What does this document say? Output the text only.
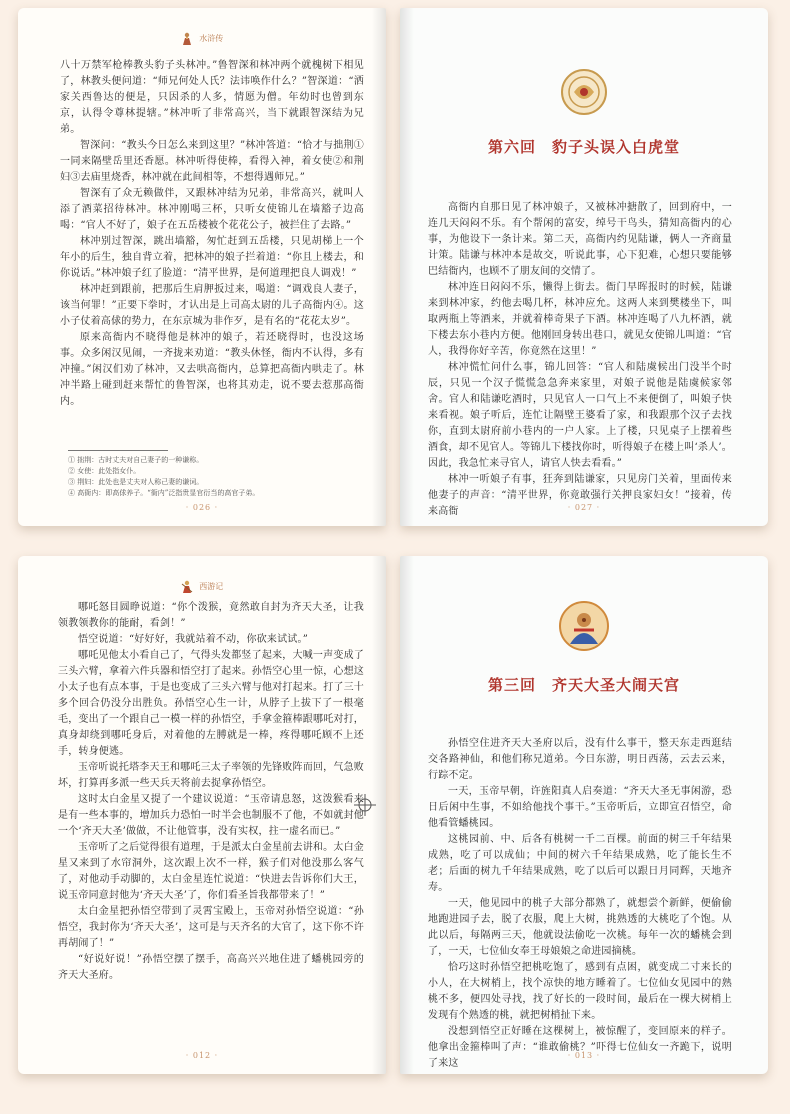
水浒传

八十万禁军枪棒教头豹子头林冲。”鲁智深和林冲两个就槐树下相见了，林教头便问道：“师兄何处人氏？法讳唤作什么？”智深道：“洒家关西鲁达的便是，只因杀的人多，情愿为僧。年幼时也曾到东京，认得令尊林提辖。”林冲听了非常高兴，当下就跟智深结为兄弟。

智深问：“教头今日怎么来到这里？”林冲答道：“恰才与拙荆①一同来隔壁岳里还香愿。林冲听得使棒，看得入神，着女使②和荆妇③去庙里烧香，林冲就在此间相等，不想得遇师兄。”

智深有了众无赖做伴，又跟林冲结为兄弟，非常高兴，就叫人添了酒菜招待林冲。林冲刚喝三杯，只听女使锦儿在墙豁子边高喝：“官人不好了，娘子在五岳楼被个花花公子，被拦住了去路。”

林冲别过智深，跳出墙豁，匆忙赶到五岳楼，只见胡梯上一个年小的后生，独自背立着，把林冲的娘子拦着道：“你且上楼去，和你说话。”林冲娘子红了脸道：“清平世界，是何道理把良人调戏！”

林冲赶到跟前，把那后生肩胛扳过来，喝道：“调戏良人妻子，该当何罪！”正要下拳时，才认出是上司高太尉的儿子高衙内④。这小子仗着高俅的势力，在东京城为非作歹，是有名的“花花太岁”。

原来高衙内不晓得他是林冲的娘子，若还晓得时，也没这场事。众多闲汉见闹，一齐拢来劝道：“教头休怪，衙内不认得，多有冲撞。”闲汉们劝了林冲，又去哄高衙内，总算把高衙内哄走了。林冲半路上碰到赶来帮忙的鲁智深，也将其劝走，说不要去惹那高衙内。

① 拙荆：古时丈夫对自己妻子的一种谦称。
② 女使：此处指女仆。
③ 荆妇：此处也是丈夫对人称己妻的谦词。
④ 高衙内：即高俅养子。“衙内”泛指贵显官衍当的高官子弟。
· 026 ·
第六回　豹子头误入白虎堂

高衙内自那日见了林冲娘子，又被林冲搪散了，回到府中，一连几天闷闷不乐。有个帮闲的富安，绰号干鸟头，猜知高衙内的心事，为他设下一条计来。第二天，高衙内约见陆谦，俩人一齐商量计策。陆谦与林冲本是故交，听说此事，心下犯难，心想只要能够巴结衙内，也顾不了朋友间的交情了。

林冲连日闷闷不乐，懒得上街去。衙门早晖报时的时候，陆谦来到林冲家，约他去喝几杯，林冲应允。这两人来到樊楼坐下，叫取两瓶上等酒来，并就着棒奇果子下酒。林冲连喝了八九杯酒，就下楼去东小巷内方便。他刚回身转出巷口，就见女使锦儿叫道：“官人，我得你好辛苦，你竟然在这里！”

林冲慌忙问什么事，锦儿回答：“官人和陆虞候出门没半个时辰，只见一个汉子慌慌急急奔来家里，对娘子说他是陆虞候家邻舍。官人和陆谦吃酒时，只见官人一口气上不来便倒了，叫娘子快来看视。娘子听后，连忙让隔壁王婆看了家，和我跟那个汉子去找你，直到太尉府前小巷内的一户人家。上了楼，只见桌子上摆着些酒食，却不见官人。等锦儿下楼找你时，听得娘子在楼上叫‘杀人’。因此，我急忙来寻官人，请官人快去看看。”

林冲一听娘子有事，狂奔到陆谦家，只见房门关着，里面传来他妻子的声音：“清平世界，你竟敢强行关押良家妇女！”接着，传来高衙	· 027 ·
西游记

哪吒怒目圆睁说道：“你个泼猴，竟然敢自封为齐天大圣，让我领教领教你的能耐，看剑！”

悟空说道：“好好好，我就站着不动，你砍来试试。”

哪吒见他太小看自己了，气得头发都竖了起来，大喊一声变成了三头六臂，拿着六件兵器和悟空打了起来。孙悟空心里一惊，心想这小太子也有点本事，于是也变成了三头六臂与他对打起来。打了三十多个回合仍没分出胜负。孙悟空心生一计，从脖子上拔下了一根毫毛，变出了一个跟自己一模一样的孙悟空，手拿金箍棒跟哪吒对打，真身却绕到哪吒身后，对着他的左膊就是一棒，疼得哪吒顾不上还手，转身便逃。

玉帝听说托塔李天王和哪吒三太子率领的先锋败阵而回，气急败坏，打算再多派一些天兵天将前去捉拿孙悟空。

这时太白金星又提了一个建议说道：“玉帝请息怒，这泼猴看来是有一些本事的，增加兵力恐怕一时半会也制服不了他，不如就封他一个‘齐天大圣’做做，不让他管事，没有实权，拄一虚名而已。”

玉帝听了之后觉得很有道理，于是派太白金星前去讲和。太白金星又来到了水帘洞外，这次跟上次不一样，猴子们对他没那么客气了，对他动手动脚的，太白金星连忙说道：“快进去告诉你们大王，说玉帝同意封他为‘齐天大圣’了，你们看圣旨我都带来了！”

太白金星把孙悟空带到了灵霄宝殿上，玉帝对孙悟空说道：“孙悟空，我封你为‘齐天大圣’，这可是与天齐名的大官了，这下你不许再胡闹了！”

“好说好说！”孙悟空摆了摆手，高高兴兴地住进了蟠桃园旁的齐天大圣府。

· 012 ·
第三回　齐天大圣大闹天宫

孙悟空住进齐天大圣府以后，没有什么事干，整天东走西逛结交各路神仙，和他们称兄道弟。今日东游，明日西荡，云去云来，行踪不定。

一天，玉帝早朝，许旌阳真人启奏道：“齐天大圣无事闲游，恐日后闲中生事，不如给他找个事干。”玉帝听后，立即宣召悟空，命他看管蟠桃园。

这桃园前、中、后各有桃树一千二百棵。前面的树三千年结果成熟，吃了可以成仙；中间的树六千年结果成熟，吃了能长生不老；后面的树九千年结果成熟，吃了以后可以跟日月同辉，天地齐寿。

一天，他见园中的桃子大部分都熟了，就想尝个新鲜，便偷偷地跑进园子去，脱了衣服，爬上大树，挑熟透的大桃吃了个饱。从此以后，每隔两三天，他就设法偷吃一次桃。每年一次的蟠桃会到了，一天，七位仙女奉王母娘娘之命进园摘桃。

恰巧这时孙悟空把桃吃饱了，感到有点困，就变成二寸来长的小人，在大树梢上，找个凉快的地方睡着了。七位仙女见园中的熟桃不多，便四处寻找，找了好长的一段时间，最后在一棵大树梢上发现有个熟透的桃，就把树梢扯下来。

没想到悟空正好睡在这棵树上，被惊醒了，变回原来的样子。他拿出金箍棒叫了声：“谁敢偷桃？”吓得七位仙女一齐跪下，说明了来这

· 013 ·
